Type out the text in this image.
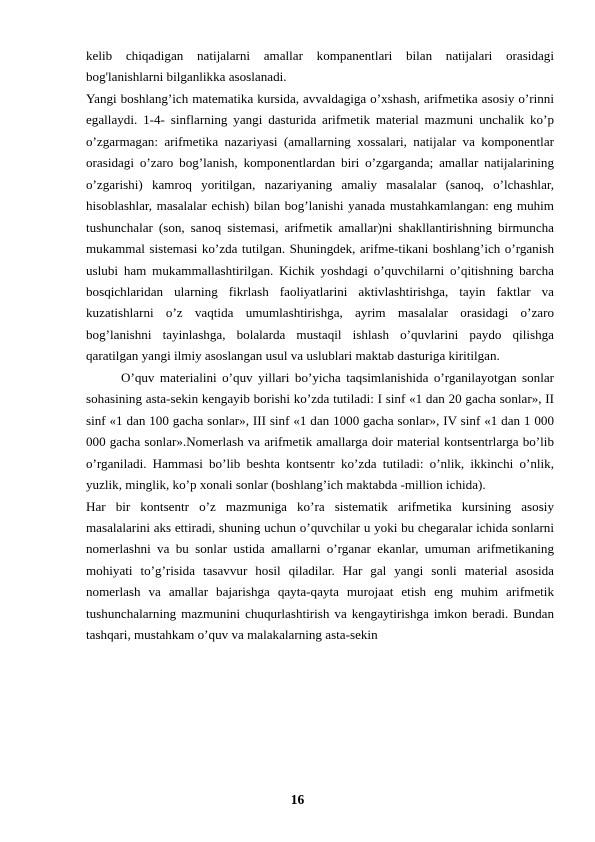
kelib chiqadigan natijalarni amallar kompanentlari bilan natijalari orasidagi bog'lanishlarni bilganlikka asoslanadi.

Yangi boshlang’ich matematika kursida, avvaldagiga o’xshash, arifmetika asosiy o’rinni egallaydi. 1-4- sinflarning yangi dasturida arifmetik material mazmuni unchalik ko’p o’zgarmagan: arifmetika nazariyasi (amallarning xossalari, natijalar va komponentlar orasidagi o’zaro bog’lanish, komponentlardan biri o’zgarganda; amallar natijalarining o’zgarishi) kamroq yoritilgan, nazariyaning amaliy masalalar (sanoq, o’lchashlar, hisoblashlar, masalalar echish) bilan bog’lanishi yanada mustahkamlangan: eng muhim tushunchalar (son, sanoq sistemasi, arifmetik amallar)ni shakllantirishning birmuncha mukammal sistemasi ko’zda tutilgan. Shuningdek, arifme-tikani boshlang’ich o’rganish uslubi ham mukammallashtirilgan. Kichik yoshdagi o’quvchilarni o’qitishning barcha bosqichlaridan ularning fikrlash faoliyatlarini aktivlashtirishga, tayin faktlar va kuzatishlarni o’z vaqtida umumlashtirishga, ayrim masalalar orasidagi o’zaro bog’lanishni tayinlashga, bolalarda mustaqil ishlash o’quvlarini paydo qilishga qaratilgan yangi ilmiy asoslangan usul va uslublari maktab dasturiga kiritilgan.

O’quv materialini o’quv yillari bo’yicha taqsimlanishida o’rganilayotgan sonlar sohasining asta-sekin kengayib borishi ko’zda tutiladi: I sinf «1 dan 20 gacha sonlar», II sinf «1 dan 100 gacha sonlar», III sinf «1 dan 1000 gacha sonlar», IV sinf «1 dan 1 000 000 gacha sonlar».Nomerlash va arifmetik amallarga doir material kontsentrlarga bo’lib o’rganiladi. Hammasi bo’lib beshta kontsentr ko’zda tutiladi: o’nlik, ikkinchi o’nlik, yuzlik, minglik, ko’p xonali sonlar (boshlang’ich maktabda -million ichida).

Har bir kontsentr o’z mazmuniga ko’ra sistematik arifmetika kursining asosiy masalalarini aks ettiradi, shuning uchun o’quvchilar u yoki bu chegaralar ichida sonlarni nomerlashni va bu sonlar ustida amallarni o’rganar ekanlar, umuman arifmetikaning mohiyati to’g’risida tasavvur hosil qiladilar. Har gal yangi sonli material asosida nomerlash va amallar bajarishga qayta-qayta murojaat etish eng muhim arifmetik tushunchalarning mazmunini chuqurlashtirish va kengaytirishga imkon beradi. Bundan tashqari, mustahkam o’quv va malakalarning asta-sekin

16
